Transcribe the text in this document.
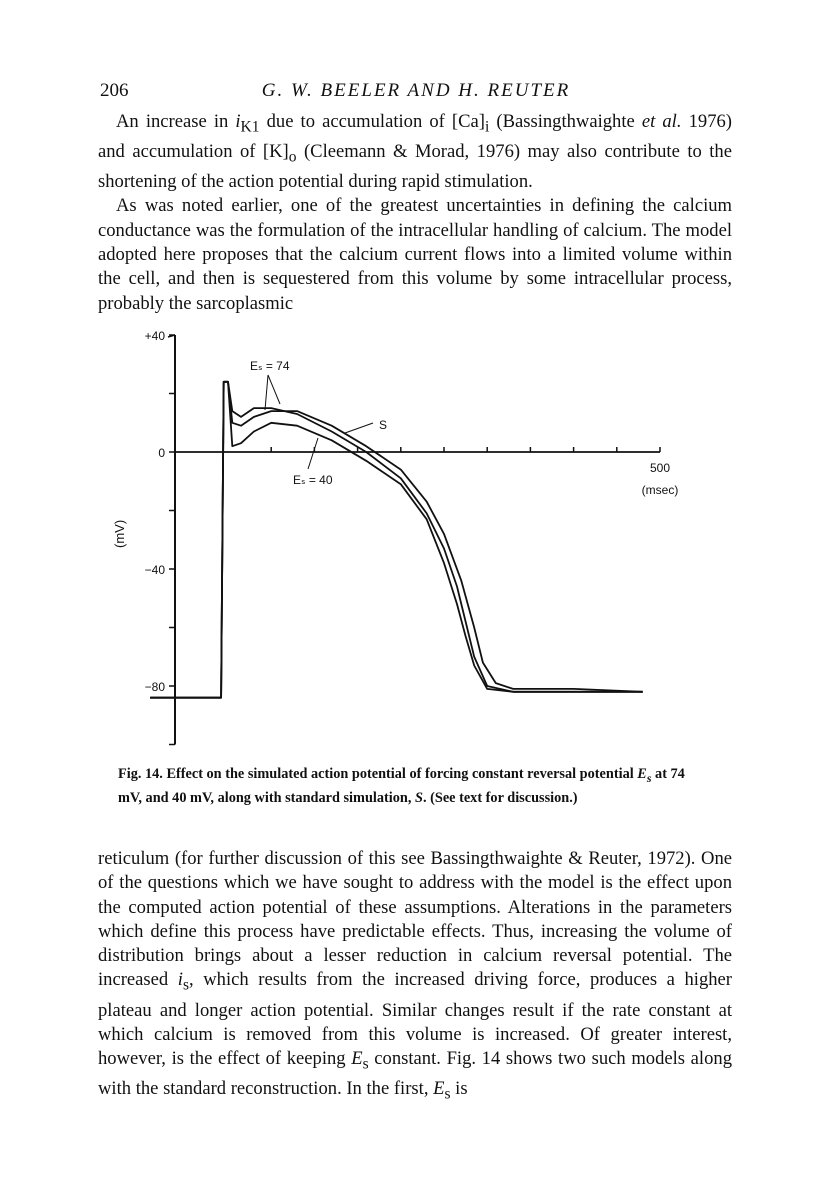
206	G. W. BEELER AND H. REUTER

An increase in $i_{K1}$ due to accumulation of $[Ca]_i$ (Bassingthwaighte et al. 1976) and accumulation of $[K]_o$ (Cleemann & Morad, 1976) may also contribute to the shortening of the action potential during rapid stimulation.

As was noted earlier, one of the greatest uncertainties in defining the calcium conductance was the formulation of the intracellular handling of calcium. The model adopted here proposes that the calcium current flows into a limited volume within the cell, and then is sequestered from this volume by some intracellular process, probably the sarcoplasmic

+40
0
−40
−80
(mV)
500
(msec)
Eₛ = 74
S
Eₛ = 40
Fig. 14. Effect on the simulated action potential of forcing constant reversal potential $E_s$ at 74 mV, and 40 mV, along with standard simulation, S. (See text for discussion.)

reticulum (for further discussion of this see Bassingthwaighte & Reuter, 1972). One of the questions which we have sought to address with the model is the effect upon the computed action potential of these assumptions. Alterations in the parameters which define this process have predictable effects. Thus, increasing the volume of distribution brings about a lesser reduction in calcium reversal potential. The increased $i_s$, which results from the increased driving force, produces a higher plateau and longer action potential. Similar changes result if the rate constant at which calcium is removed from this volume is increased. Of greater interest, however, is the effect of keeping $E_s$ constant. Fig. 14 shows two such models along with the standard reconstruction. In the first, $E_s$ is
